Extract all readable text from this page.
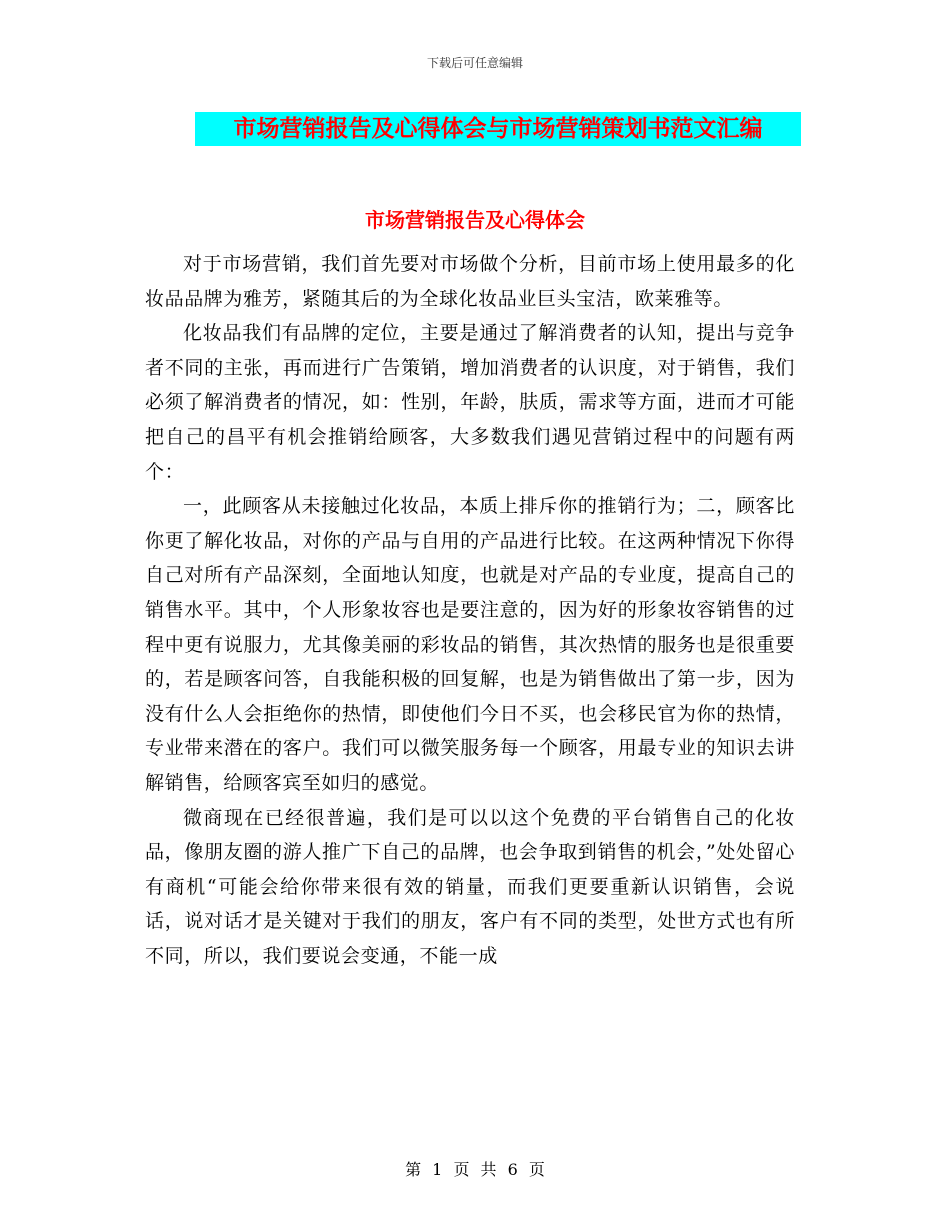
下载后可任意编辑
市场营销报告及心得体会与市场营销策划书范文汇编
市场营销报告及心得体会

对于市场营销，我们首先要对市场做个分析，目前市场上使用最多的化妆品品牌为雅芳，紧随其后的为全球化妆品业巨头宝洁，欧莱雅等。

化妆品我们有品牌的定位，主要是通过了解消费者的认知，提出与竞争者不同的主张，再而进行广告策销，增加消费者的认识度，对于销售，我们必须了解消费者的情况，如：性别，年龄，肤质，需求等方面，进而才可能把自己的昌平有机会推销给顾客，大多数我们遇见营销过程中的问题有两个：

一，此顾客从未接触过化妆品，本质上排斥你的推销行为；二，顾客比你更了解化妆品，对你的产品与自用的产品进行比较。在这两种情况下你得自己对所有产品深刻，全面地认知度，也就是对产品的专业度，提高自己的销售水平。其中，个人形象妆容也是要注意的，因为好的形象妆容销售的过程中更有说服力，尤其像美丽的彩妆品的销售，其次热情的服务也是很重要的，若是顾客问答，自我能积极的回复解，也是为销售做出了第一步，因为没有什么人会拒绝你的热情，即使他们今日不买，也会移民官为你的热情，专业带来潜在的客户。我们可以微笑服务每一个顾客，用最专业的知识去讲解销售，给顾客宾至如归的感觉。

微商现在已经很普遍，我们是可以以这个免费的平台销售自己的化妆品，像朋友圈的游人推广下自己的品牌，也会争取到销售的机会，”处处留心有商机“可能会给你带来很有效的销量，而我们更要重新认识销售，会说话，说对话才是关键对于我们的朋友，客户有不同的类型，处世方式也有所不同，所以，我们要说会变通，不能一成

第 1 页 共 6 页
